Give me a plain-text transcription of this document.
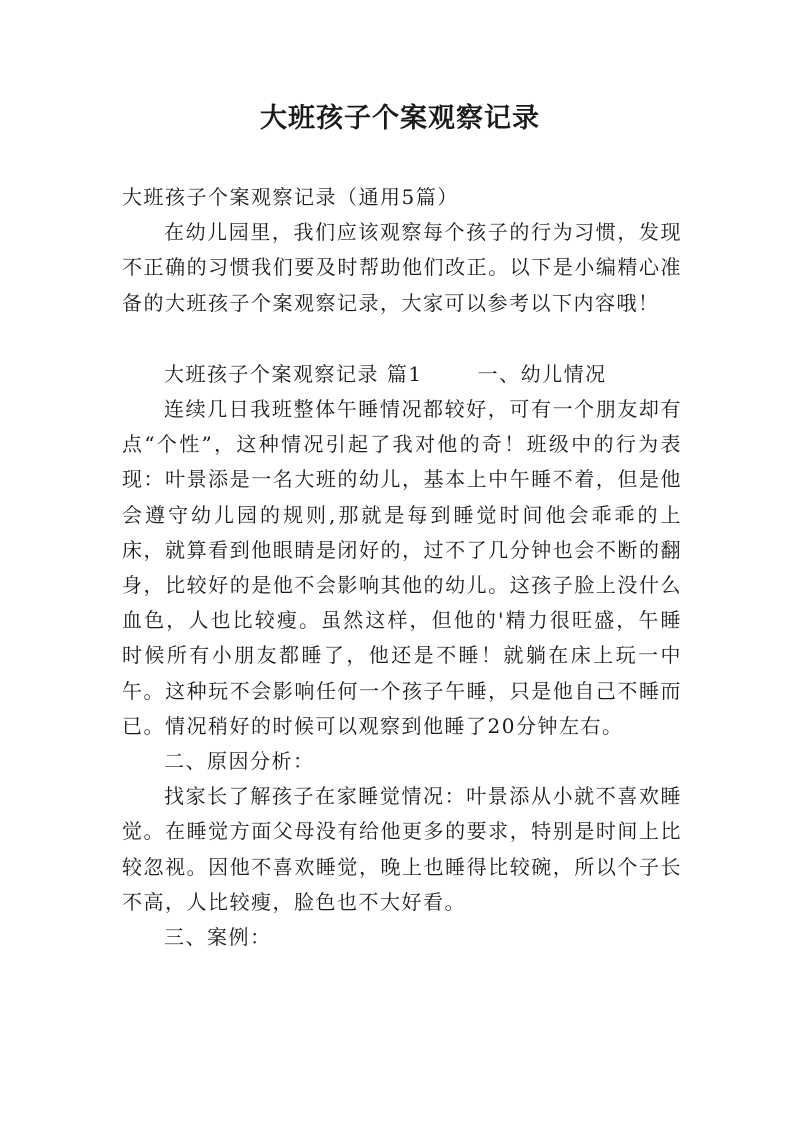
大班孩子个案观察记录

大班孩子个案观察记录（通用5篇）

在幼儿园里，我们应该观察每个孩子的行为习惯，发现不正确的习惯我们要及时帮助他们改正。以下是小编精心准备的大班孩子个案观察记录，大家可以参考以下内容哦！

大班孩子个案观察记录 篇1       一、幼儿情况

连续几日我班整体午睡情况都较好，可有一个朋友却有点“个性”，这种情况引起了我对他的奇！班级中的行为表现：叶景添是一名大班的幼儿，基本上中午睡不着，但是他会遵守幼儿园的规则,那就是每到睡觉时间他会乖乖的上床，就算看到他眼睛是闭好的，过不了几分钟也会不断的翻身，比较好的是他不会影响其他的幼儿。这孩子脸上没什么血色，人也比较瘦。虽然这样，但他的'精力很旺盛，午睡时候所有小朋友都睡了，他还是不睡！就躺在床上玩一中午。这种玩不会影响任何一个孩子午睡，只是他自己不睡而已。情况稍好的时候可以观察到他睡了20分钟左右。

二、原因分析：

找家长了解孩子在家睡觉情况：叶景添从小就不喜欢睡觉。在睡觉方面父母没有给他更多的要求，特别是时间上比较忽视。因他不喜欢睡觉，晚上也睡得比较碗，所以个子长不高，人比较瘦，脸色也不大好看。

三、案例：
